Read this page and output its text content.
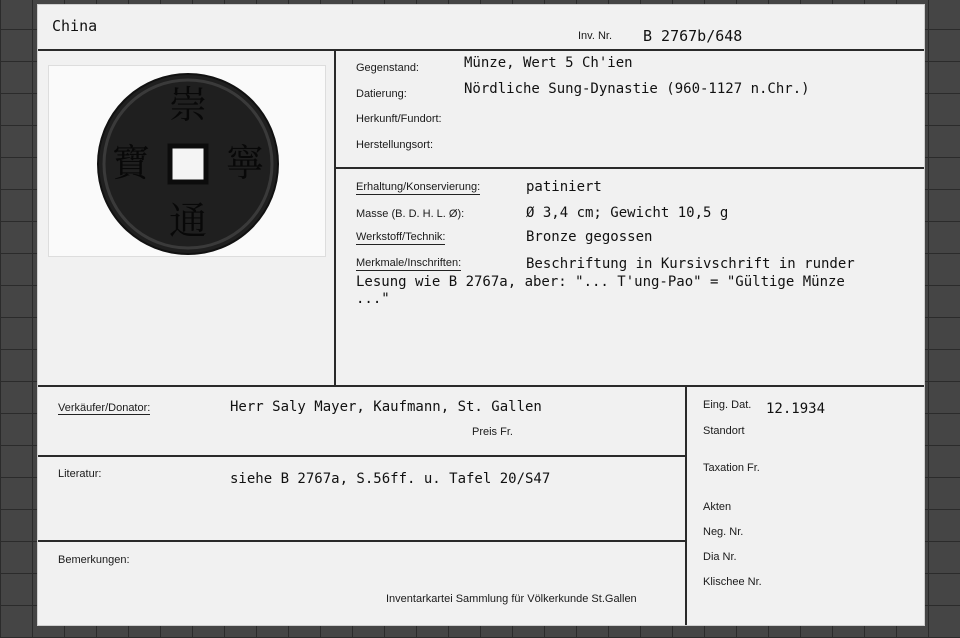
China
Inv. Nr. B 2767b/648
崇
寧
通
寶
Gegenstand:	Münze, Wert 5 Ch'ien
Datierung:	Nördliche Sung-Dynastie (960-1127 n.Chr.)
Herkunft/Fundort:
Herstellungsort:
Erhaltung/Konservierung:	patiniert
Masse (B. D. H. L. Ø):	Ø 3,4 cm; Gewicht 10,5 g
Werkstoff/Technik:	Bronze gegossen
Merkmale/Inschriften:	Beschriftung in Kursivschrift in runder
Lesung wie B 2767a, aber: "... T'ung-Pao" = "Gültige Münze
..."
Verkäufer/Donator:	Herr Saly Mayer, Kaufmann, St. Gallen
Preis Fr.
Literatur:	siehe B 2767a, S.56ff. u. Tafel 20/S47
Bemerkungen:
Inventarkartei Sammlung für Völkerkunde St.Gallen
Eing. Dat. 12.1934
Standort
Taxation Fr.
Akten
Neg. Nr.
Dia Nr.
Klischee Nr.
